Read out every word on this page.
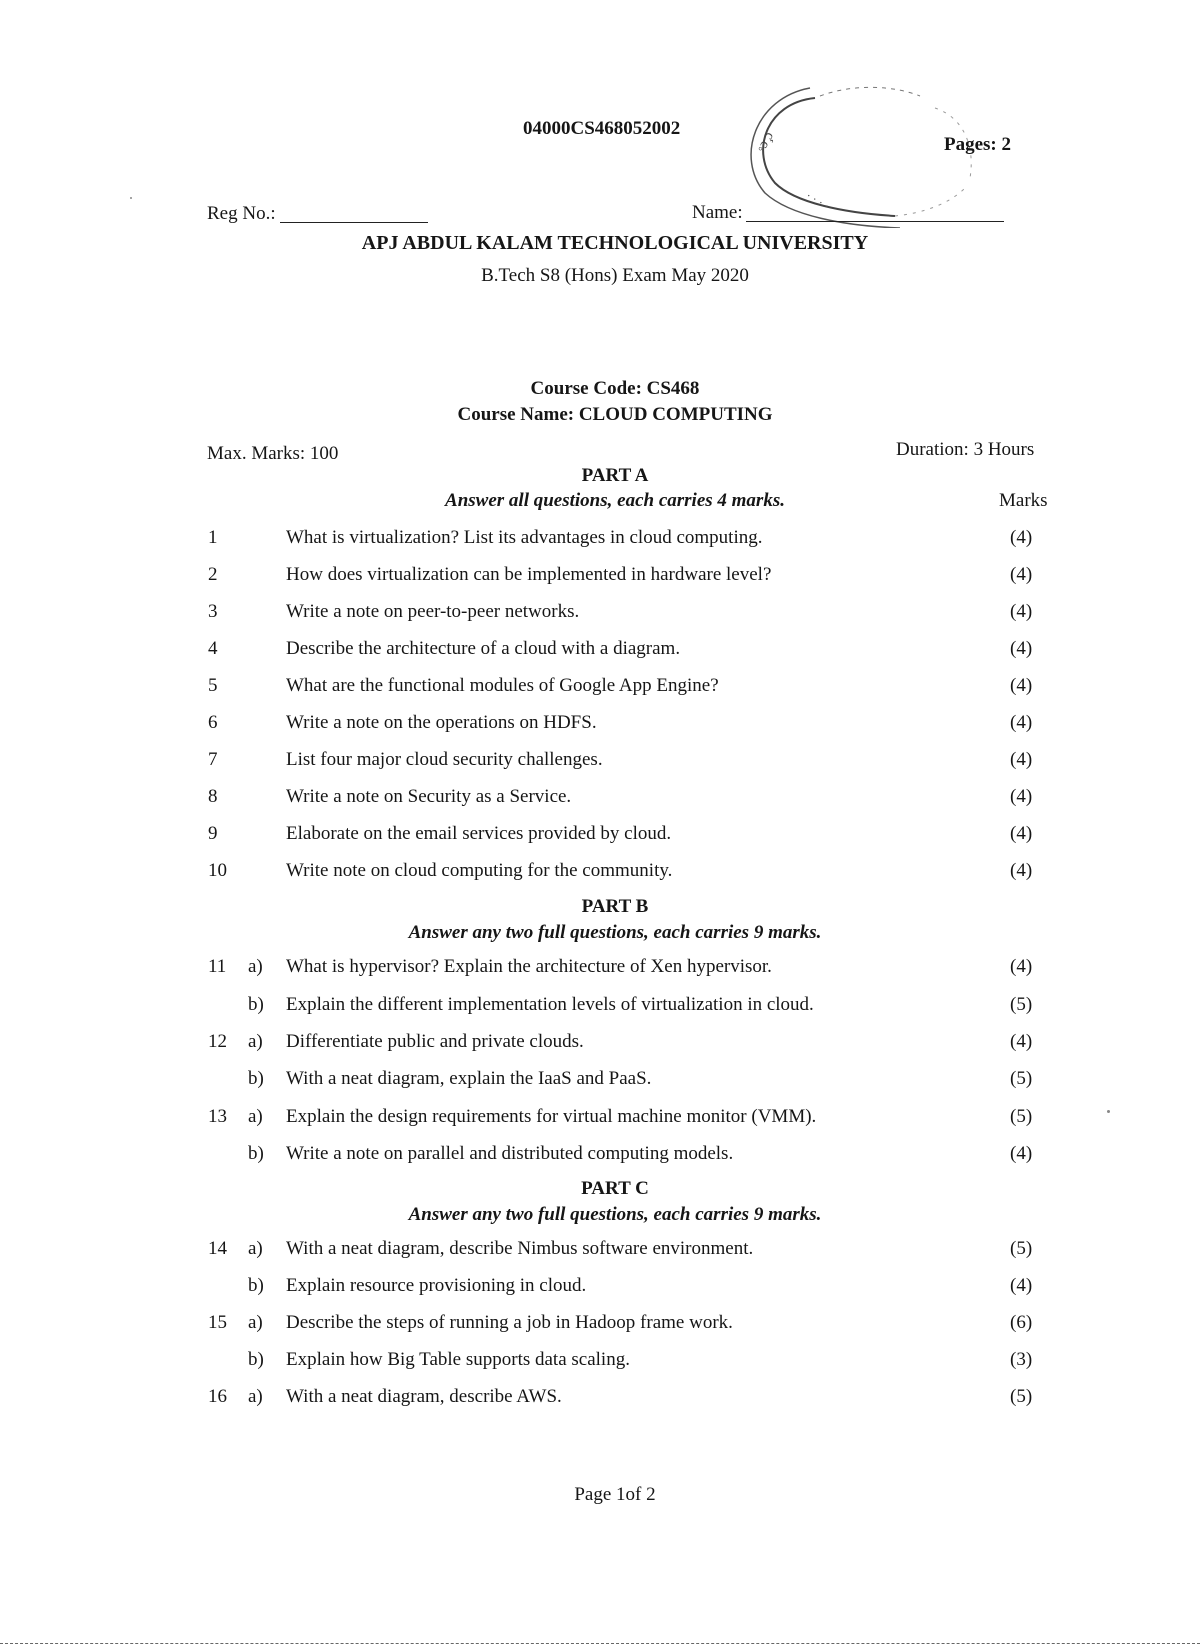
04000CS468052002
◦ɔ ̧ɔ
· · · ·
Pages: 2
Reg No.:	Name:
APJ ABDUL KALAM TECHNOLOGICAL UNIVERSITY
B.Tech S8 (Hons) Exam May 2020
Course Code: CS468
Course Name: CLOUD COMPUTING
Max. Marks: 100	Duration: 3 Hours
PART A
Answer all questions, each carries 4 marks.	Marks
1	What is virtualization? List its advantages in cloud computing.	(4)
2	How does virtualization can be implemented in hardware level?	(4)
3	Write a note on peer-to-peer networks.	(4)
4	Describe the architecture of a cloud with a diagram.	(4)
5	What are the functional modules of Google App Engine?	(4)
6	Write a note on the operations on HDFS.	(4)
7	List four major cloud security challenges.	(4)
8	Write a note on Security as a Service.	(4)
9	Elaborate on the email services provided by cloud.	(4)
10	Write note on cloud computing for the community.	(4)
PART B
Answer any two full questions, each carries 9 marks.
11 a) What is hypervisor? Explain the architecture of Xen hypervisor.	(4)
b) Explain the different implementation levels of virtualization in cloud.	(5)
12 a) Differentiate public and private clouds.	(4)
b) With a neat diagram, explain the IaaS and PaaS.	(5)
13 a) Explain the design requirements for virtual machine monitor (VMM).	(5)
b) Write a note on parallel and distributed computing models.	(4)
PART C
Answer any two full questions, each carries 9 marks.
14 a) With a neat diagram, describe Nimbus software environment.	(5)
b) Explain resource provisioning in cloud.	(4)
15 a) Describe the steps of running a job in Hadoop frame work.	(6)
b) Explain how Big Table supports data scaling.	(3)
16 a) With a neat diagram, describe AWS.	(5)
Page 1of 2
